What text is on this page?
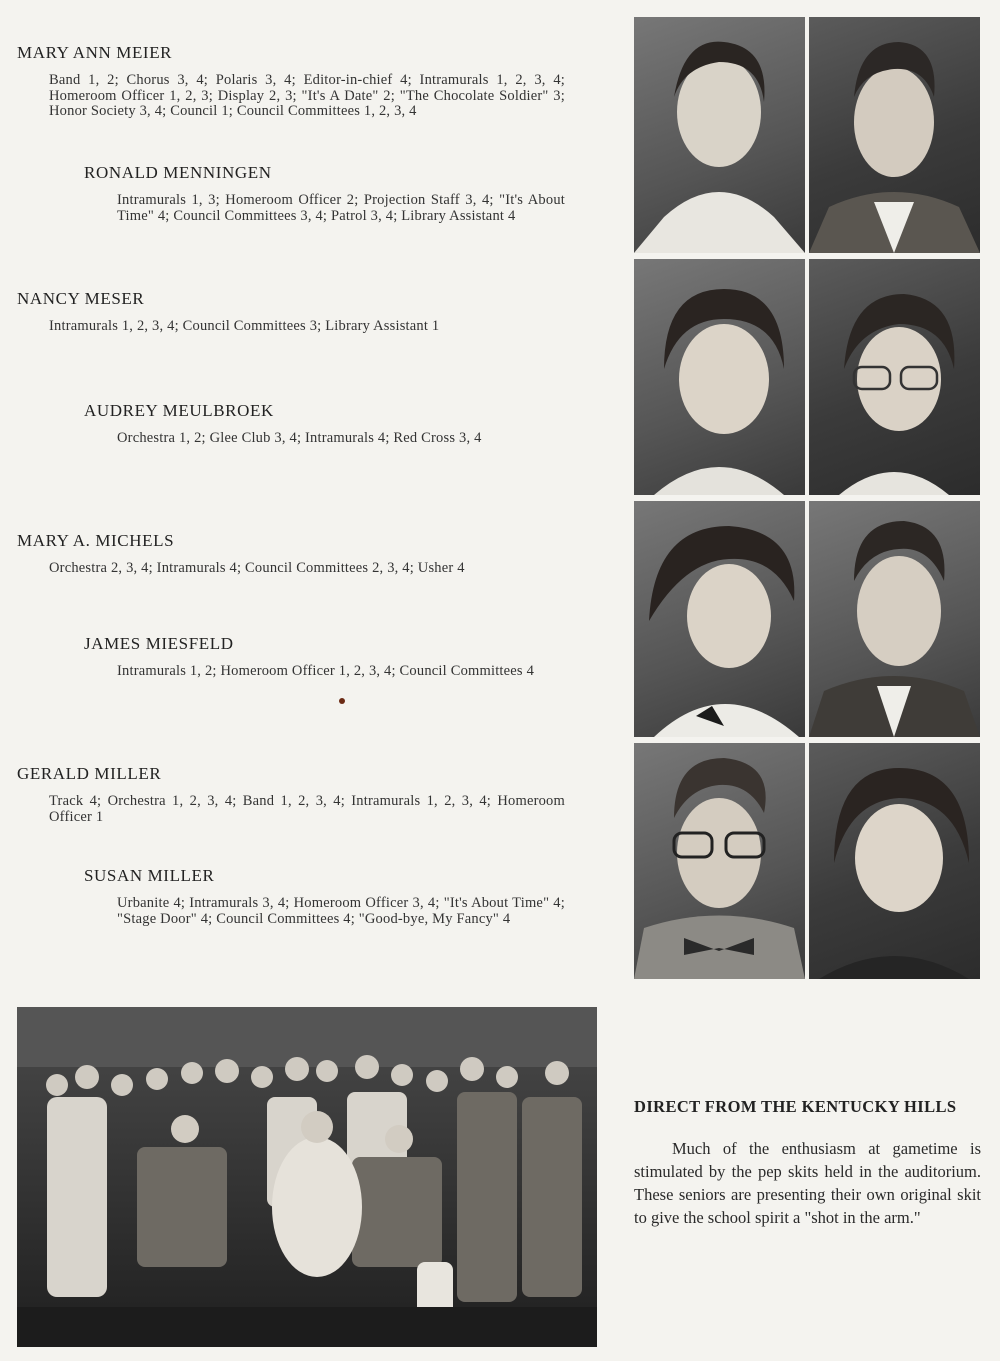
MARY ANN MEIER

Band 1, 2; Chorus 3, 4; Polaris 3, 4; Editor-in-chief 4; Intramurals 1, 2, 3, 4; Homeroom Officer 1, 2, 3; Display 2, 3; "It's A Date" 2; "The Chocolate Soldier" 3; Honor Society 3, 4; Council 1; Council Committees 1, 2, 3, 4

RONALD MENNINGEN

Intramurals 1, 3; Homeroom Officer 2; Projection Staff 3, 4; "It's About Time" 4; Council Committees 3, 4; Patrol 3, 4; Library Assistant 4

NANCY MESER

Intramurals 1, 2, 3, 4; Council Committees 3; Library Assistant 1

AUDREY MEULBROEK

Orchestra 1, 2; Glee Club 3, 4; Intramurals 4; Red Cross 3, 4

MARY A. MICHELS

Orchestra 2, 3, 4; Intramurals 4; Council Committees 2, 3, 4; Usher 4

JAMES MIESFELD

Intramurals 1, 2; Homeroom Officer 1, 2, 3, 4; Council Committees 4

GERALD MILLER

Track 4; Orchestra 1, 2, 3, 4; Band 1, 2, 3, 4; Intramurals 1, 2, 3, 4; Homeroom Officer 1

SUSAN MILLER

Urbanite 4; Intramurals 3, 4; Homeroom Officer 3, 4; "It's About Time" 4; "Stage Door" 4; Council Committees 4; "Good-bye, My Fancy" 4

DIRECT FROM THE KENTUCKY HILLS

Much of the enthusiasm at gametime is stimulated by the pep skits held in the auditorium. These seniors are presenting their own original skit to give the school spirit a "shot in the arm."
